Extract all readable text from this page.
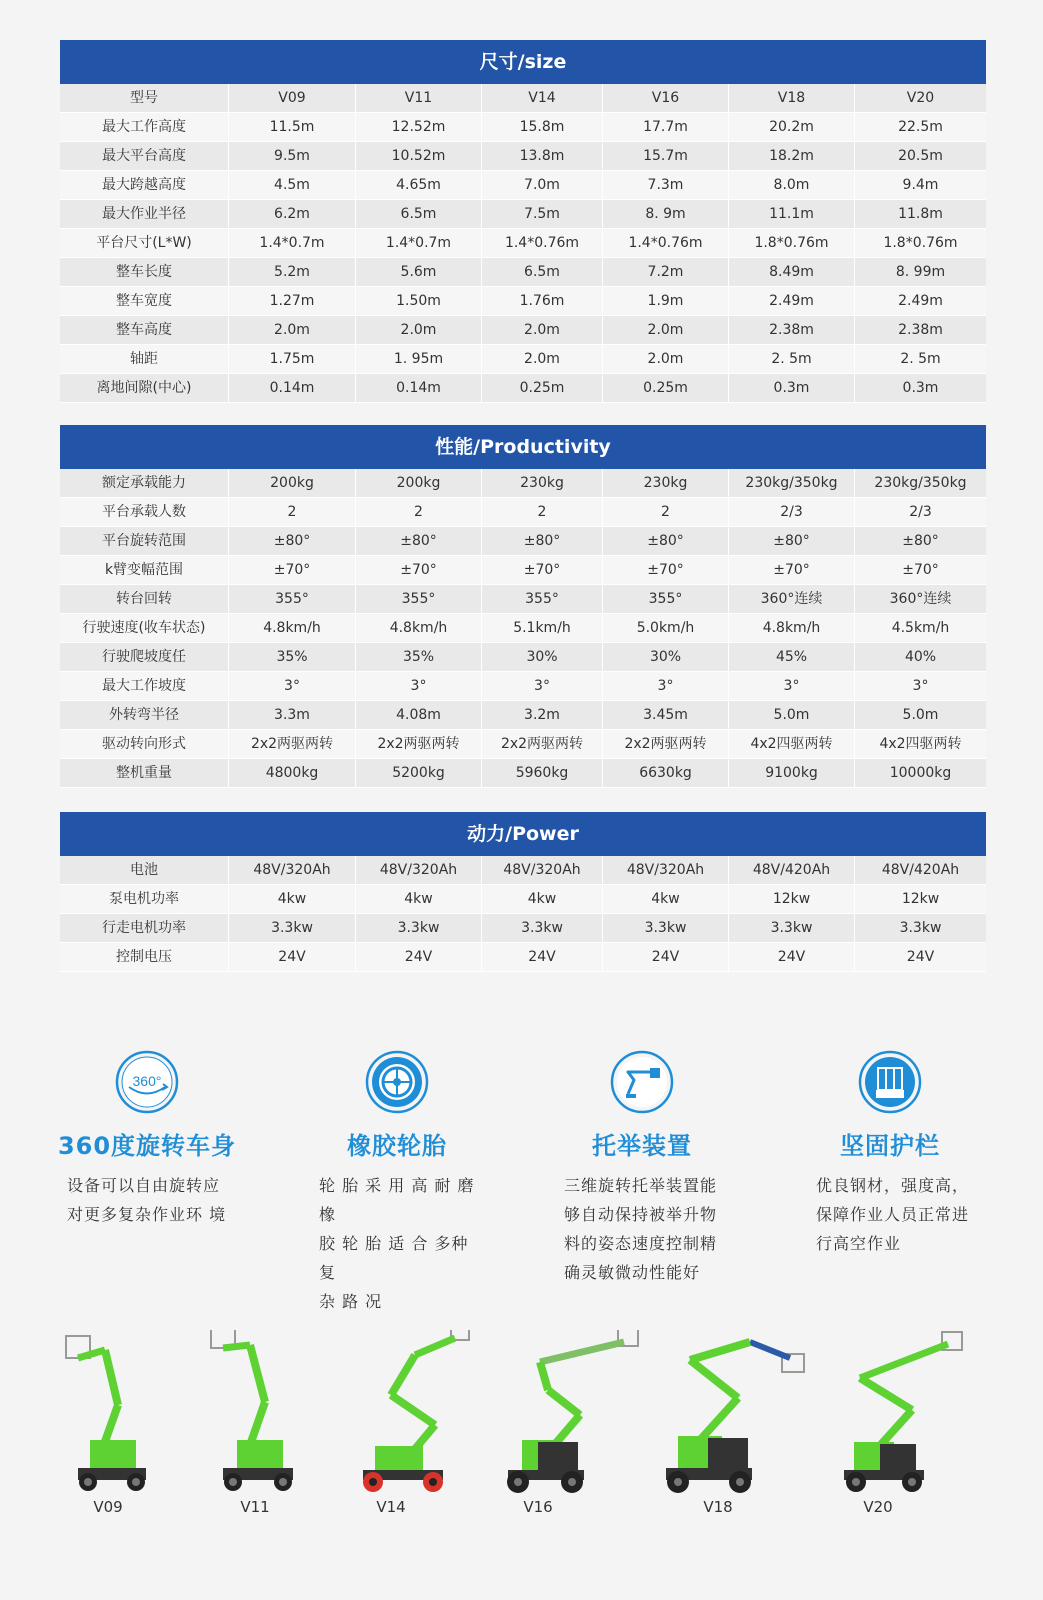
尺寸/size
型号	V09	V11	V14	V16	V18	V20
最大工作高度	11.5m	12.52m	15.8m	17.7m	20.2m	22.5m
最大平台高度	9.5m	10.52m	13.8m	15.7m	18.2m	20.5m
最大跨越高度	4.5m	4.65m	7.0m	7.3m	8.0m	9.4m
最大作业半径	6.2m	6.5m	7.5m	8. 9m	11.1m	11.8m
平台尺寸(L*W)	1.4*0.7m	1.4*0.7m	1.4*0.76m	1.4*0.76m	1.8*0.76m	1.8*0.76m
整车长度	5.2m	5.6m	6.5m	7.2m	8.49m	8. 99m
整车宽度	1.27m	1.50m	1.76m	1.9m	2.49m	2.49m
整车高度	2.0m	2.0m	2.0m	2.0m	2.38m	2.38m
轴距	1.75m	1. 95m	2.0m	2.0m	2. 5m	2. 5m
离地间隙(中心)	0.14m	0.14m	0.25m	0.25m	0.3m	0.3m
性能/Productivity
额定承载能力	200kg	200kg	230kg	230kg	230kg/350kg	230kg/350kg
平台承载人数	2	2	2	2	2/3	2/3
平台旋转范围	±80°	±80°	±80°	±80°	±80°	±80°
k臂变幅范围	±70°	±70°	±70°	±70°	±70°	±70°
转台回转	355°	355°	355°	355°	360°连续	360°连续
行驶速度(收车状态)	4.8km/h	4.8km/h	5.1km/h	5.0km/h	4.8km/h	4.5km/h
行驶爬坡度任	35%	35%	30%	30%	45%	40%
最大工作坡度	3°	3°	3°	3°	3°	3°
外转弯半径	3.3m	4.08m	3.2m	3.45m	5.0m	5.0m
驱动转向形式	2x2两驱两转	2x2两驱两转	2x2两驱两转	2x2两驱两转	4x2四驱两转	4x2四驱两转
整机重量	4800kg	5200kg	5960kg	6630kg	9100kg	10000kg
动力/Power
电池	48V/320Ah	48V/320Ah	48V/320Ah	48V/320Ah	48V/420Ah	48V/420Ah
泵电机功率	4kw	4kw	4kw	4kw	12kw	12kw
行走电机功率	3.3kw	3.3kw	3.3kw	3.3kw	3.3kw	3.3kw
控制电压	24V	24V	24V	24V	24V	24V
360°
360度旋转车身
设备可以自由旋转应
对更多复杂作业环 境
橡胶轮胎
轮 胎 采 用 高 耐 磨橡
胶 轮 胎 适 合 多种 复
杂 路 况
托举装置
三维旋转托举装置能
够自动保持被举升物
料的姿态速度控制精
确灵敏微动性能好
坚固护栏
优良钢材，强度高，
保障作业人员正常进
行高空作业
V09	V11	V14	V16	V18	V20
